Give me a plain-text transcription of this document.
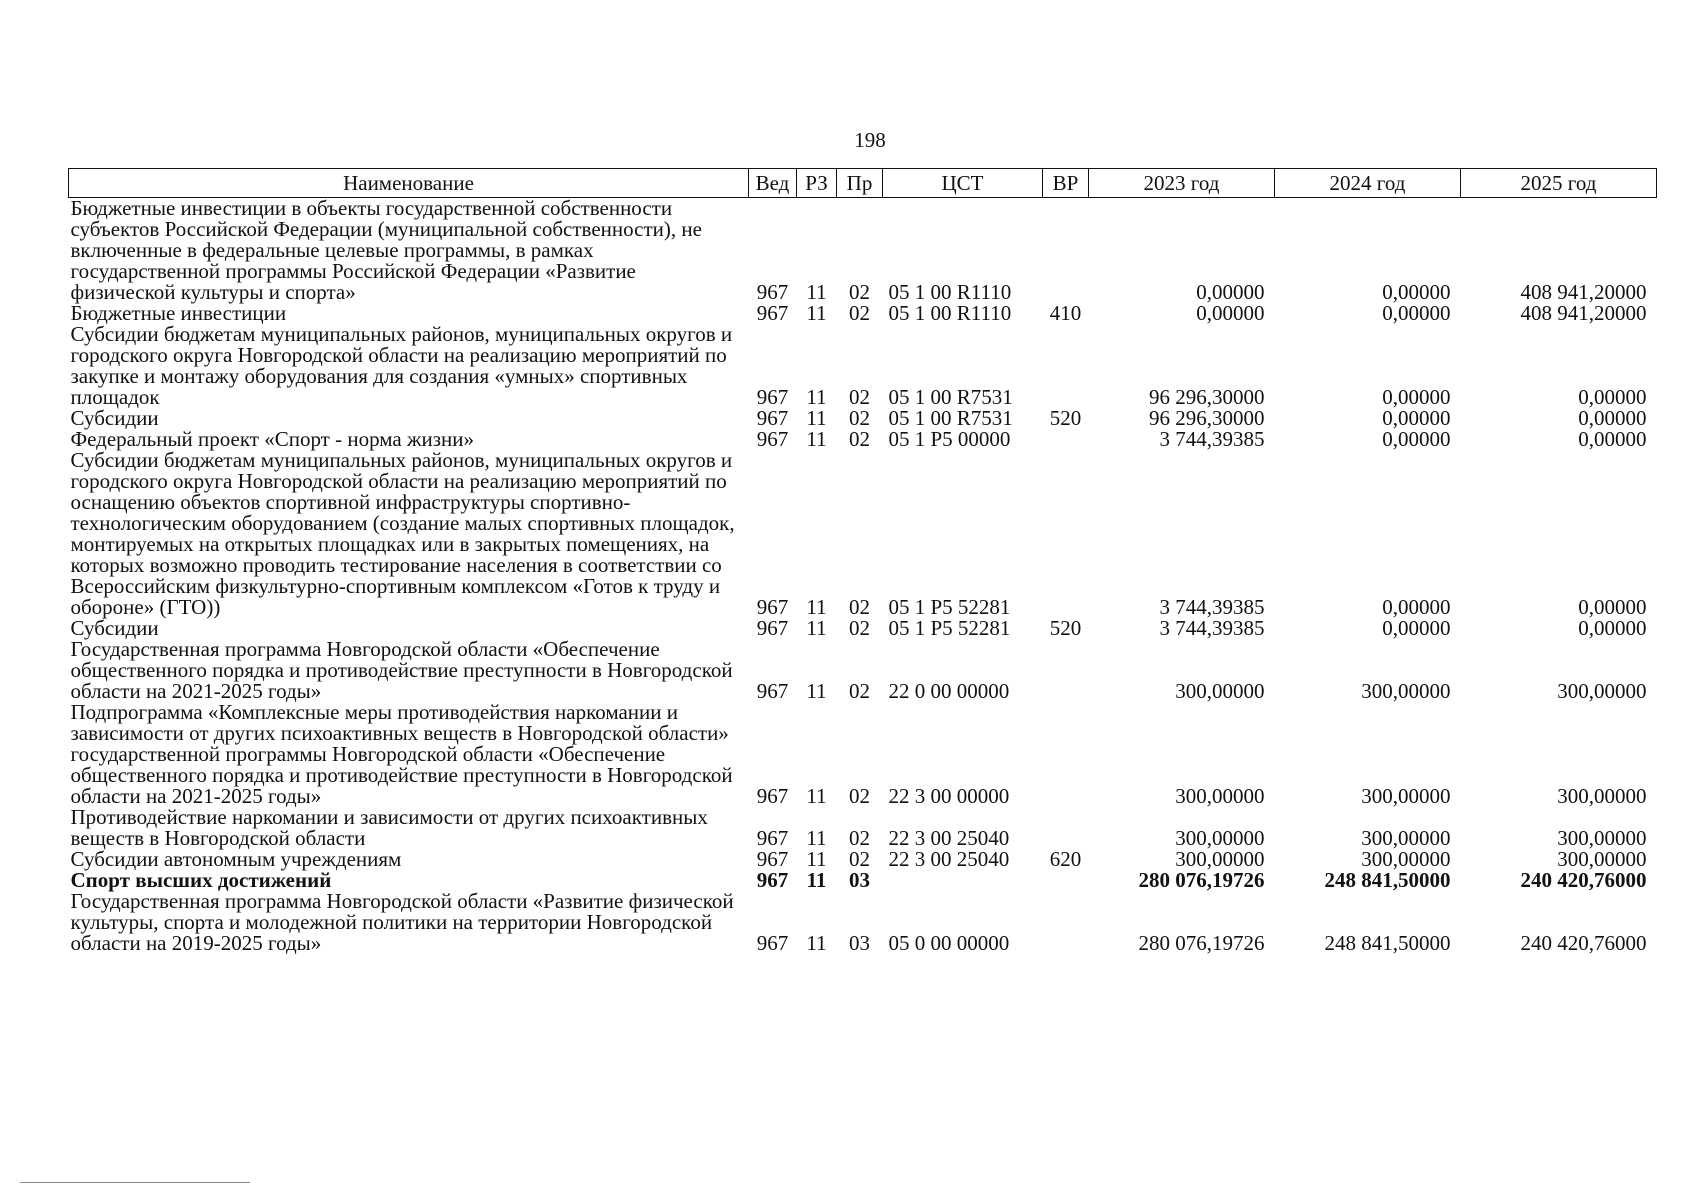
198
Наименование	Вед	РЗ	Пр	ЦСТ	ВР	2023 год	2024 год	2025 год
Бюджетные инвестиции в объекты государственной собственности субъектов Российской Федерации (муниципальной собственности), не включенные в федеральные целевые программы, в рамках государственной программы Российской Федерации «Развитие физической культуры и спорта»	967	11	02	05 1 00 R1110		0,00000	0,00000	408 941,20000
Бюджетные инвестиции	967	11	02	05 1 00 R1110	410	0,00000	0,00000	408 941,20000
Субсидии бюджетам муниципальных районов, муниципальных округов и городского округа Новгородской области на реализацию мероприятий по закупке и монтажу оборудования для создания «умных» спортивных площадок	967	11	02	05 1 00 R7531		96 296,30000	0,00000	0,00000
Субсидии	967	11	02	05 1 00 R7531	520	96 296,30000	0,00000	0,00000
Федеральный проект «Спорт - норма жизни»	967	11	02	05 1 P5 00000		3 744,39385	0,00000	0,00000
Субсидии бюджетам муниципальных районов, муниципальных округов и городского округа Новгородской области на реализацию мероприятий по оснащению объектов спортивной инфраструктуры спортивно-технологическим оборудованием (создание малых спортивных площадок, монтируемых на открытых площадках или в закрытых помещениях, на которых возможно проводить тестирование населения в соответствии со Всероссийским физкультурно-спортивным комплексом «Готов к труду и обороне» (ГТО))	967	11	02	05 1 P5 52281		3 744,39385	0,00000	0,00000
Субсидии	967	11	02	05 1 P5 52281	520	3 744,39385	0,00000	0,00000
Государственная программа Новгородской области «Обеспечение общественного порядка и противодействие преступности в Новгородской области на 2021-2025 годы»	967	11	02	22 0 00 00000		300,00000	300,00000	300,00000
Подпрограмма «Комплексные меры противодействия наркомании и зависимости от других психоактивных веществ в Новгородской области» государственной программы Новгородской области «Обеспечение общественного порядка и противодействие преступности в Новгородской области на 2021-2025 годы»	967	11	02	22 3 00 00000		300,00000	300,00000	300,00000
Противодействие наркомании и зависимости от других психоактивных веществ в Новгородской области	967	11	02	22 3 00 25040		300,00000	300,00000	300,00000
Субсидии автономным учреждениям	967	11	02	22 3 00 25040	620	300,00000	300,00000	300,00000
Спорт высших достижений	967	11	03			280 076,19726	248 841,50000	240 420,76000
Государственная программа Новгородской области «Развитие физической культуры, спорта и молодежной политики на территории Новгородской области на 2019-2025 годы»	967	11	03	05 0 00 00000		280 076,19726	248 841,50000	240 420,76000
